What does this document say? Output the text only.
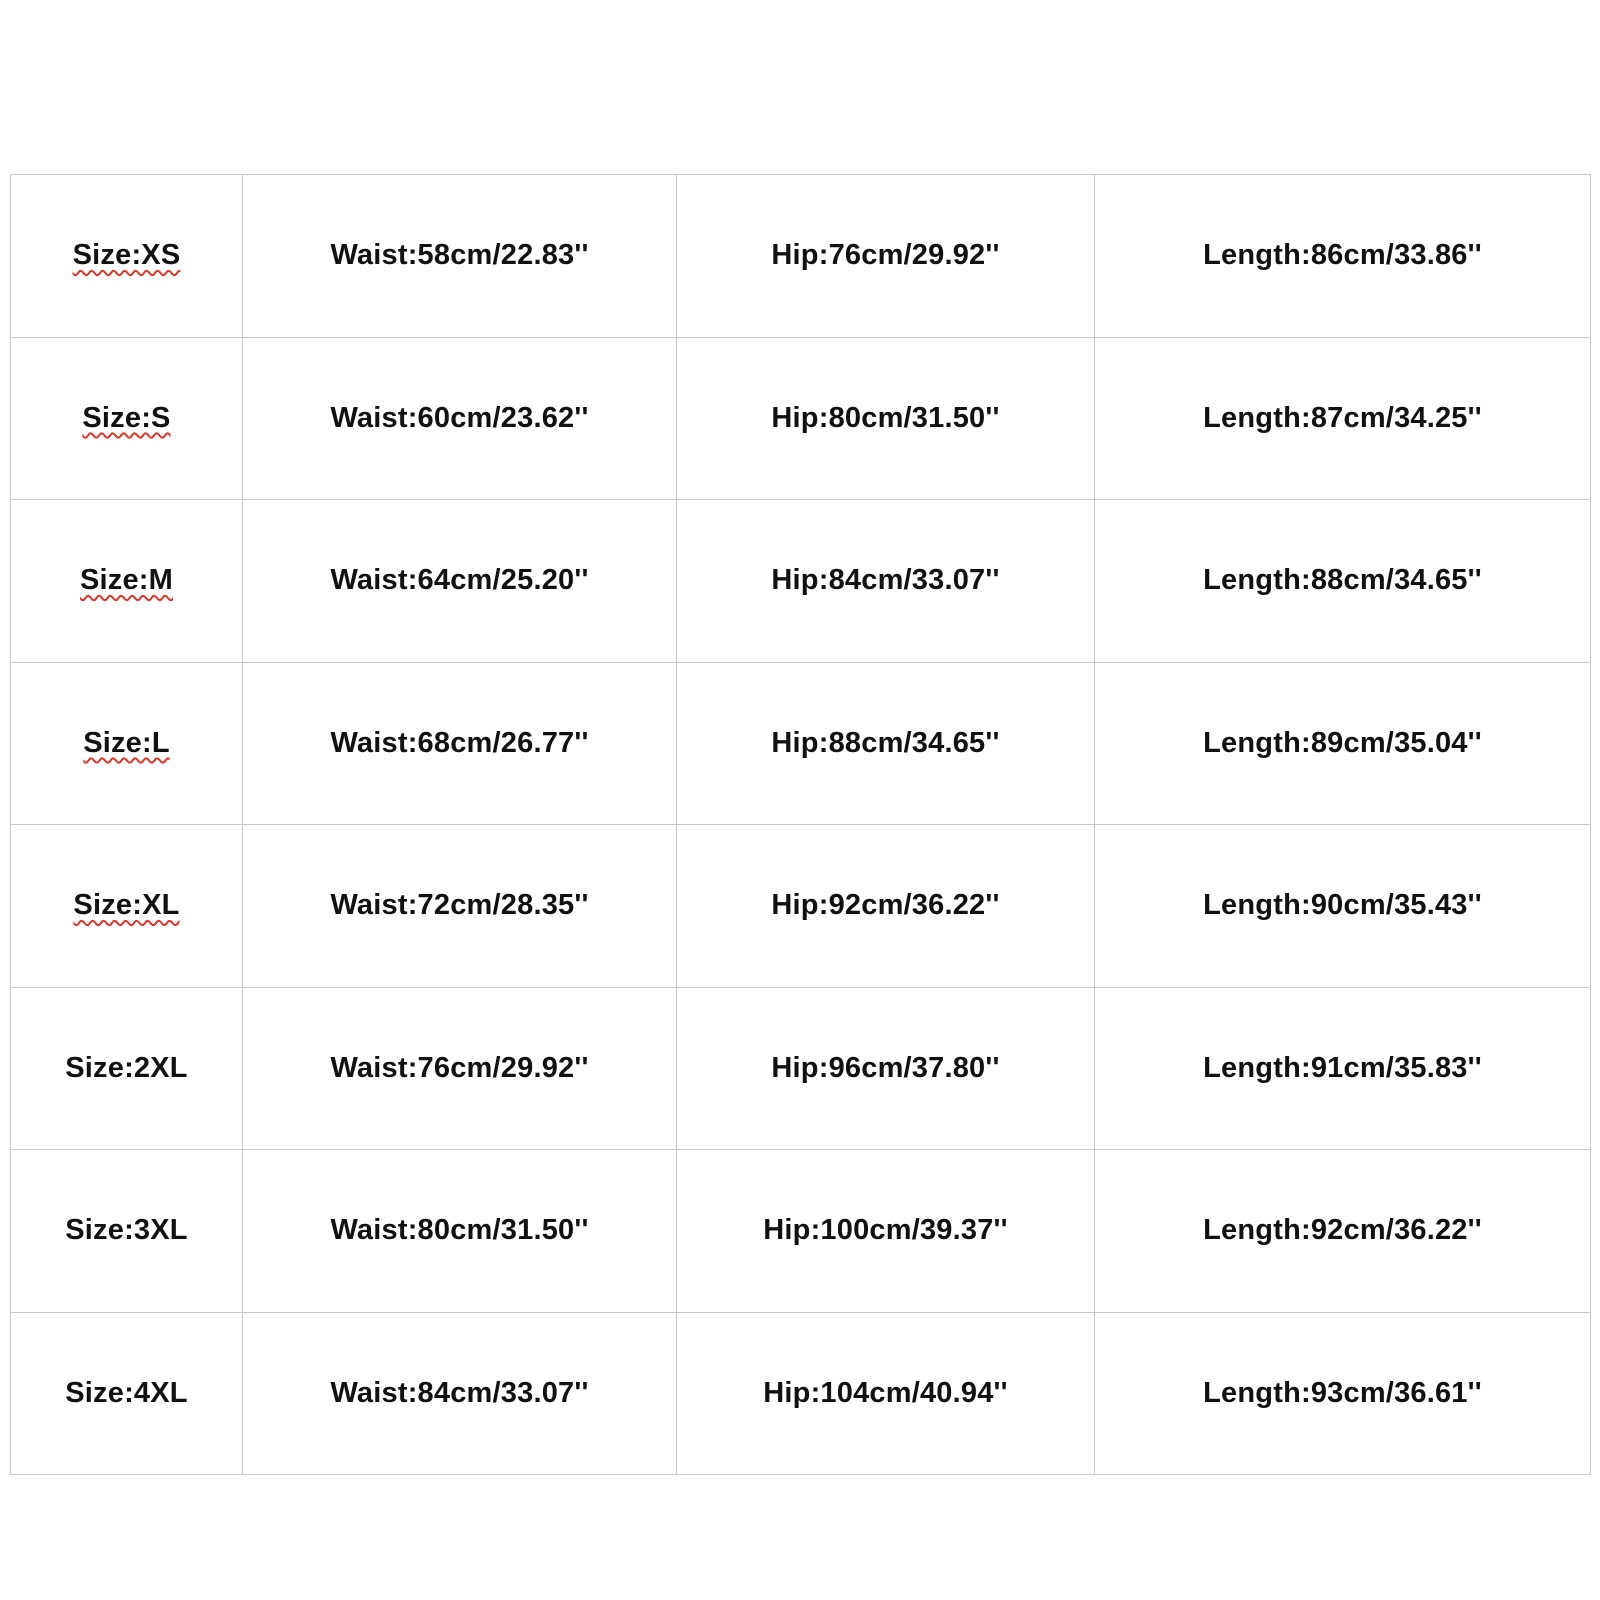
Size:XS	Waist:58cm/22.83''	Hip:76cm/29.92''	Length:86cm/33.86''
Size:S	Waist:60cm/23.62''	Hip:80cm/31.50''	Length:87cm/34.25''
Size:M	Waist:64cm/25.20''	Hip:84cm/33.07''	Length:88cm/34.65''
Size:L	Waist:68cm/26.77''	Hip:88cm/34.65''	Length:89cm/35.04''
Size:XL	Waist:72cm/28.35''	Hip:92cm/36.22''	Length:90cm/35.43''
Size:2XL	Waist:76cm/29.92''	Hip:96cm/37.80''	Length:91cm/35.83''
Size:3XL	Waist:80cm/31.50''	Hip:100cm/39.37''	Length:92cm/36.22''
Size:4XL	Waist:84cm/33.07''	Hip:104cm/40.94''	Length:93cm/36.61''
